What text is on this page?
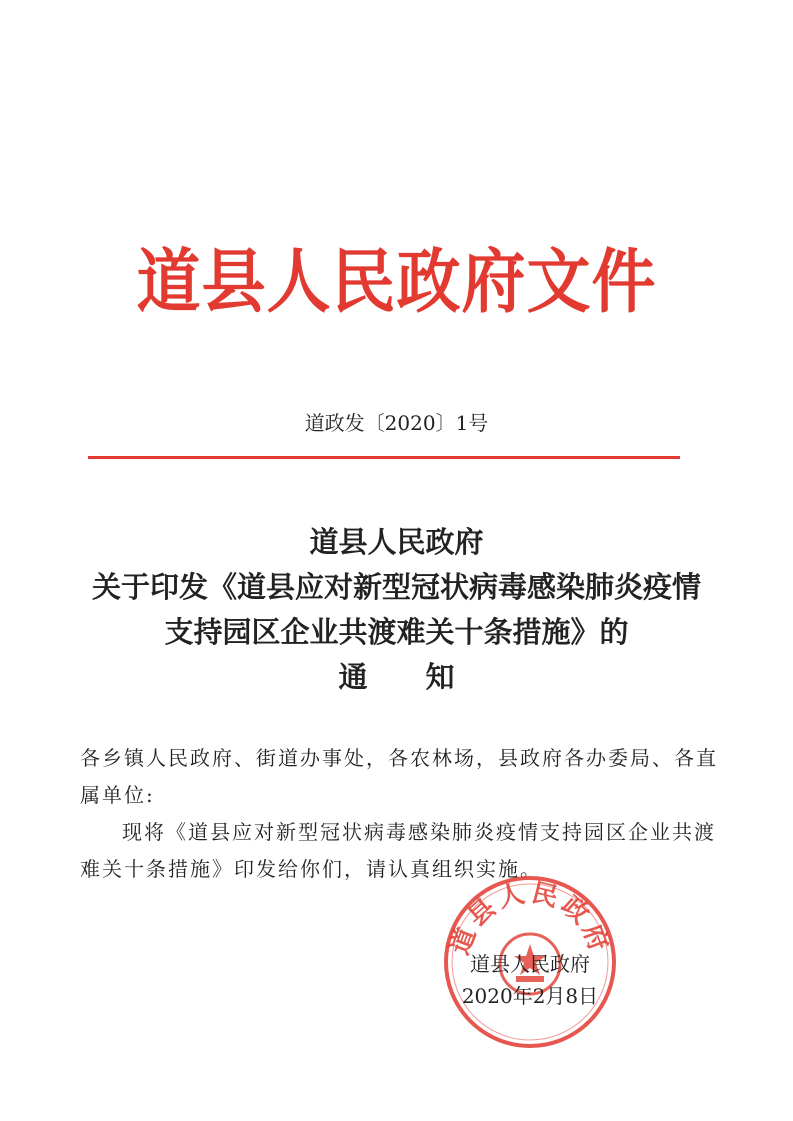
道县人民政府文件
道政发〔2020〕1号
道县人民政府
关于印发《道县应对新型冠状病毒感染肺炎疫情
支持园区企业共渡难关十条措施》的
通知

各乡镇人民政府、街道办事处，各农林场，县政府各办委局、各直属单位:

现将《道县应对新型冠状病毒感染肺炎疫情支持园区企业共渡难关十条措施》印发给你们，请认真组织实施。

道县人民政府
道县人民政府
2020年2月8日
